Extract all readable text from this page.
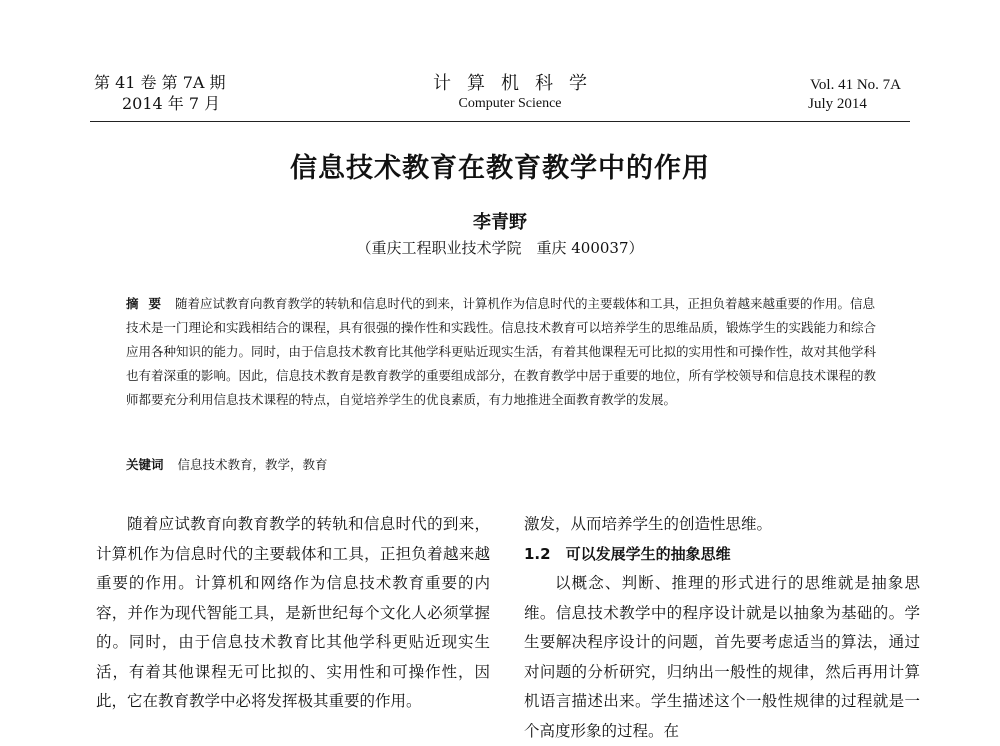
第 41 卷 第 7A 期
2014 年 7 月
计算机科学
Computer Science
Vol. 41 No. 7A
July 2014
信息技术教育在教育教学中的作用
李青野
（重庆工程职业技术学院　重庆 400037）
摘要 随着应试教育向教育教学的转轨和信息时代的到来，计算机作为信息时代的主要载体和工具，正担负着越来越重要的作用。信息技术是一门理论和实践相结合的课程，具有很强的操作性和实践性。信息技术教育可以培养学生的思维品质，锻炼学生的实践能力和综合应用各种知识的能力。同时，由于信息技术教育比其他学科更贴近现实生活，有着其他课程无可比拟的实用性和可操作性，故对其他学科也有着深重的影响。因此，信息技术教育是教育教学的重要组成部分，在教育教学中居于重要的地位，所有学校领导和信息技术课程的教师都要充分利用信息技术课程的特点，自觉培养学生的优良素质，有力地推进全面教育教学的发展。
关键词 信息技术教育，教学，教育

随着应试教育向教育教学的转轨和信息时代的到来，计算机作为信息时代的主要载体和工具，正担负着越来越重要的作用。计算机和网络作为信息技术教育重要的内容，并作为现代智能工具，是新世纪每个文化人必须掌握的。同时，由于信息技术教育比其他学科更贴近现实生活，有着其他课程无可比拟的、实用性和可操作性，因此，它在教育教学中必将发挥极其重要的作用。

激发，从而培养学生的创造性思维。

1.2　可以发展学生的抽象思维

以概念、判断、推理的形式进行的思维就是抽象思维。信息技术教学中的程序设计就是以抽象为基础的。学生要解决程序设计的问题，首先要考虑适当的算法，通过对问题的分析研究，归纳出一般性的规律，然后再用计算机语言描述出来。学生描述这个一般性规律的过程就是一个高度形象的过程。在
